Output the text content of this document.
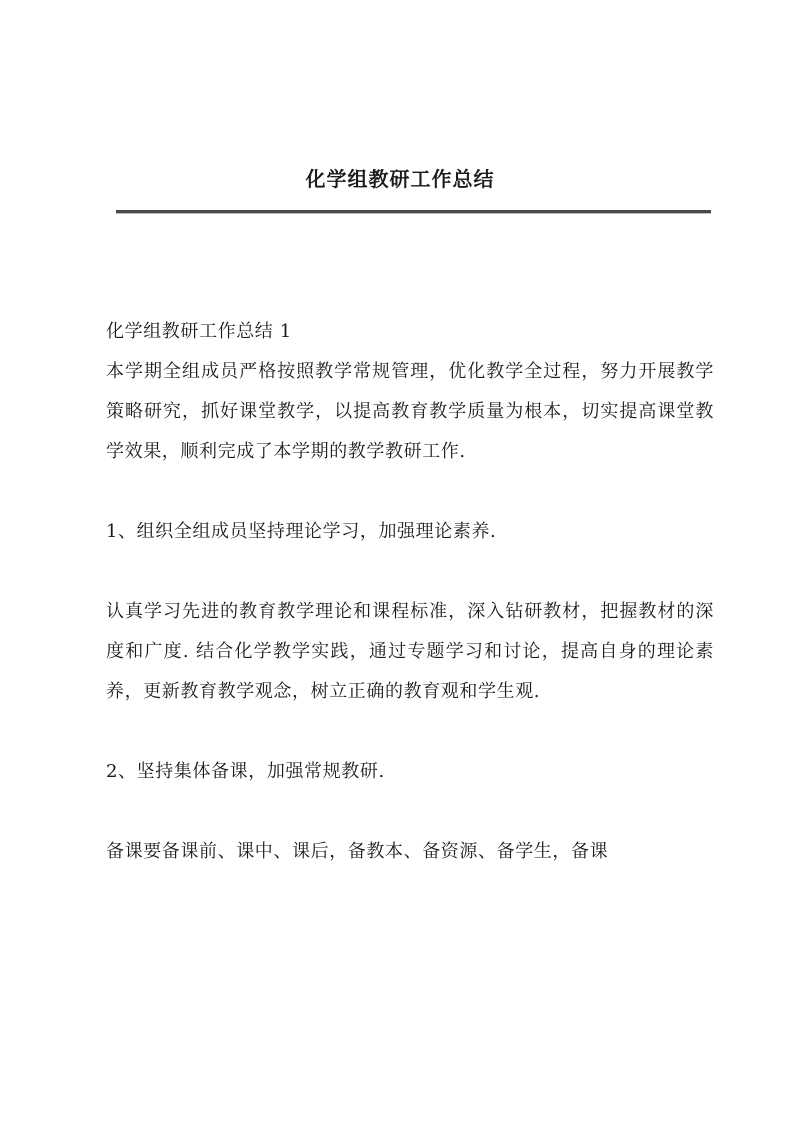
化学组教研工作总结

化学组教研工作总结 1

本学期全组成员严格按照教学常规管理，优化教学全过程，努力开展教学策略研究，抓好课堂教学，以提高教育教学质量为根本，切实提高课堂教学效果，顺利完成了本学期的教学教研工作.

1、组织全组成员坚持理论学习，加强理论素养.

认真学习先进的教育教学理论和课程标准，深入钻研教材，把握教材的深度和广度. 结合化学教学实践，通过专题学习和讨论，提高自身的理论素养，更新教育教学观念，树立正确的教育观和学生观.

2、坚持集体备课，加强常规教研.

备课要备课前、课中、课后，备教本、备资源、备学生，备课
